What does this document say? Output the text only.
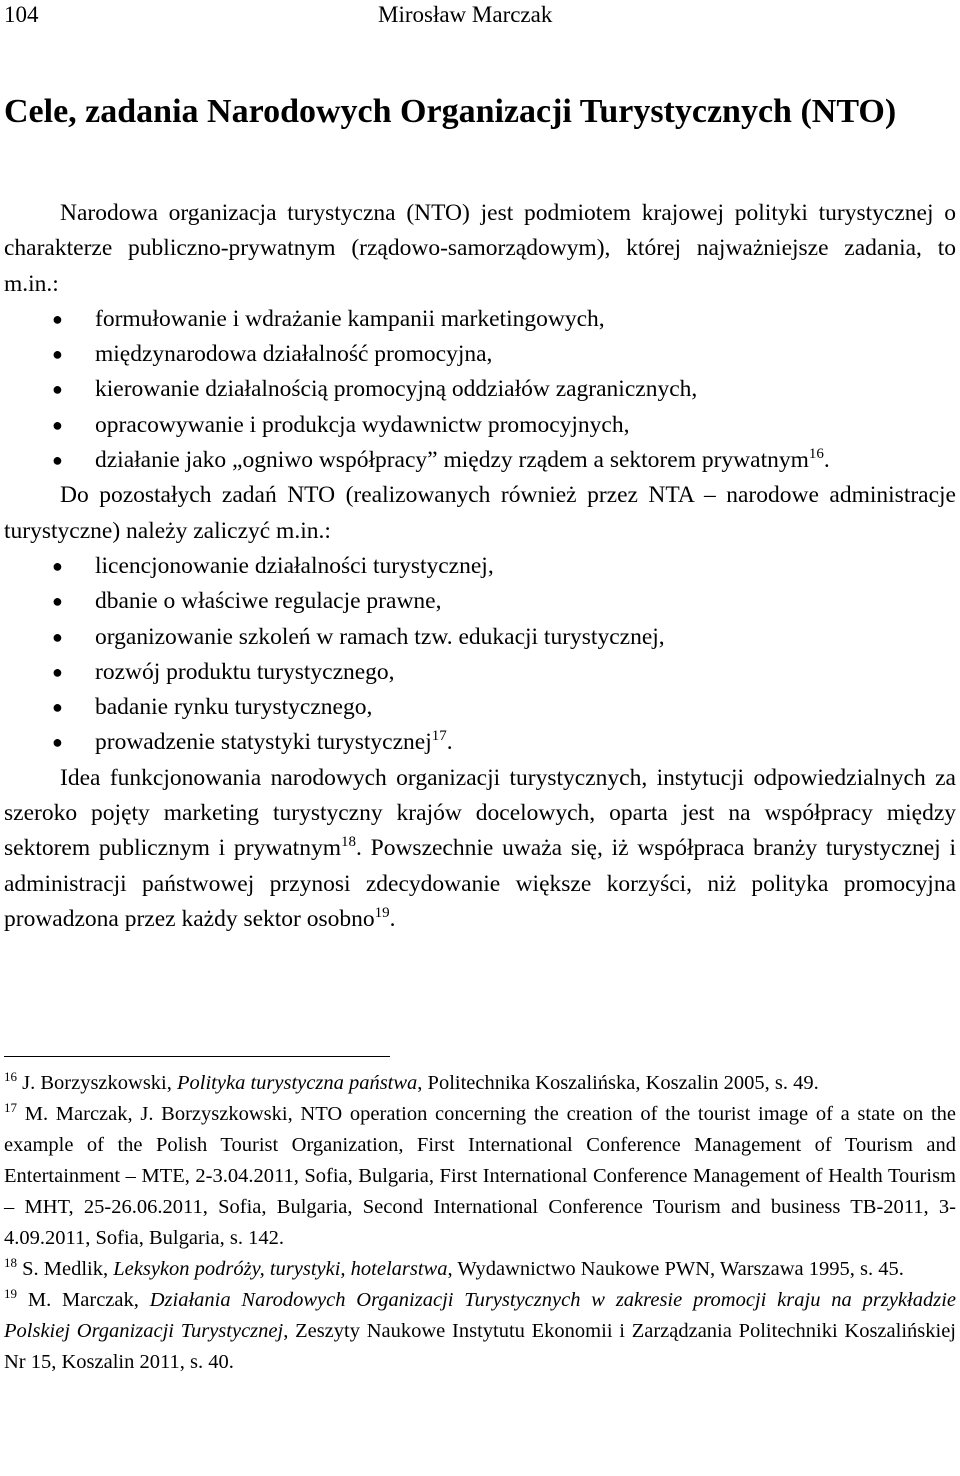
104	Mirosław Marczak
Cele, zadania Narodowych Organizacji Turystycznych (NTO)

Narodowa organizacja turystyczna (NTO) jest podmiotem krajowej polityki turystycznej o charakterze publiczno-prywatnym (rządowo-samorządowym), której najważniejsze zadania, to m.in.:

● formułowanie i wdrażanie kampanii marketingowych,
● międzynarodowa działalność promocyjna,
● kierowanie działalnością promocyjną oddziałów zagranicznych,
● opracowywanie i produkcja wydawnictw promocyjnych,
● działanie jako „ogniwo współpracy” między rządem a sektorem prywatnym$^{16}$.

Do pozostałych zadań NTO (realizowanych również przez NTA – narodowe administracje turystyczne) należy zaliczyć m.in.:

● licencjonowanie działalności turystycznej,
● dbanie o właściwe regulacje prawne,
● organizowanie szkoleń w ramach tzw. edukacji turystycznej,
● rozwój produktu turystycznego,
● badanie rynku turystycznego,
● prowadzenie statystyki turystycznej$^{17}$.

Idea funkcjonowania narodowych organizacji turystycznych, instytucji odpowiedzialnych za szeroko pojęty marketing turystyczny krajów docelowych, oparta jest na współpracy między sektorem publicznym i prywatnym$^{18}$. Powszechnie uważa się, iż współpraca branży turystycznej i administracji państwowej przynosi zdecydowanie większe korzyści, niż polityka promocyjna prowadzona przez każdy sektor osobno$^{19}$.

$^{16}$ J. Borzyszkowski, Polityka turystyczna państwa, Politechnika Koszalińska, Koszalin 2005, s. 49.

$^{17}$ M. Marczak, J. Borzyszkowski, NTO operation concerning the creation of the tourist image of a state on the example of the Polish Tourist Organization, First International Conference Management of Tourism and Entertainment – MTE, 2-3.04.2011, Sofia, Bulgaria, First International Conference Management of Health Tourism – MHT, 25-26.06.2011, Sofia, Bulgaria, Second International Conference Tourism and business TB-2011, 3-4.09.2011, Sofia, Bulgaria, s. 142.

$^{18}$ S. Medlik, Leksykon podróży, turystyki, hotelarstwa, Wydawnictwo Naukowe PWN, Warszawa 1995, s. 45.

$^{19}$ M. Marczak, Działania Narodowych Organizacji Turystycznych w zakresie promocji kraju na przykładzie Polskiej Organizacji Turystycznej, Zeszyty Naukowe Instytutu Ekonomii i Zarządzania Politechniki Koszalińskiej Nr 15, Koszalin 2011, s. 40.
